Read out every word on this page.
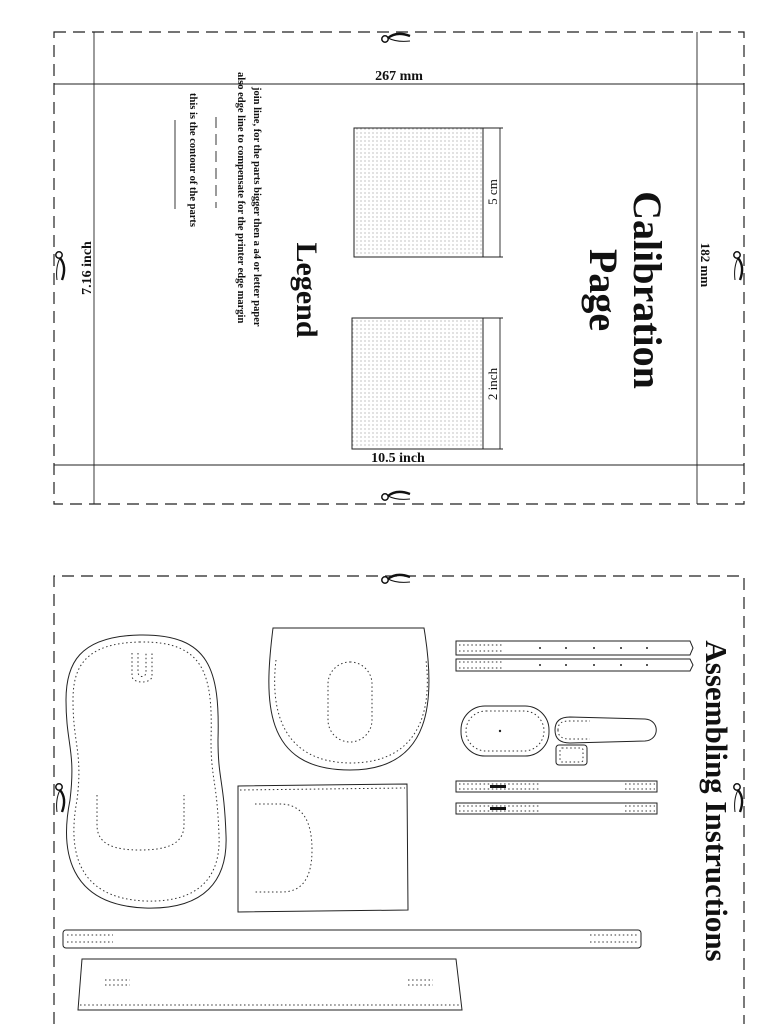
267 mm
10.5 inch
7.16 inch	182 mm
Calibration
Page
5 cm
2 inch
Legend
join line, for the parts bigger then a a4 or letter paper
also edge line to compensate for the printer edge margin
this is the contour of the parts
Assembling Instructions
